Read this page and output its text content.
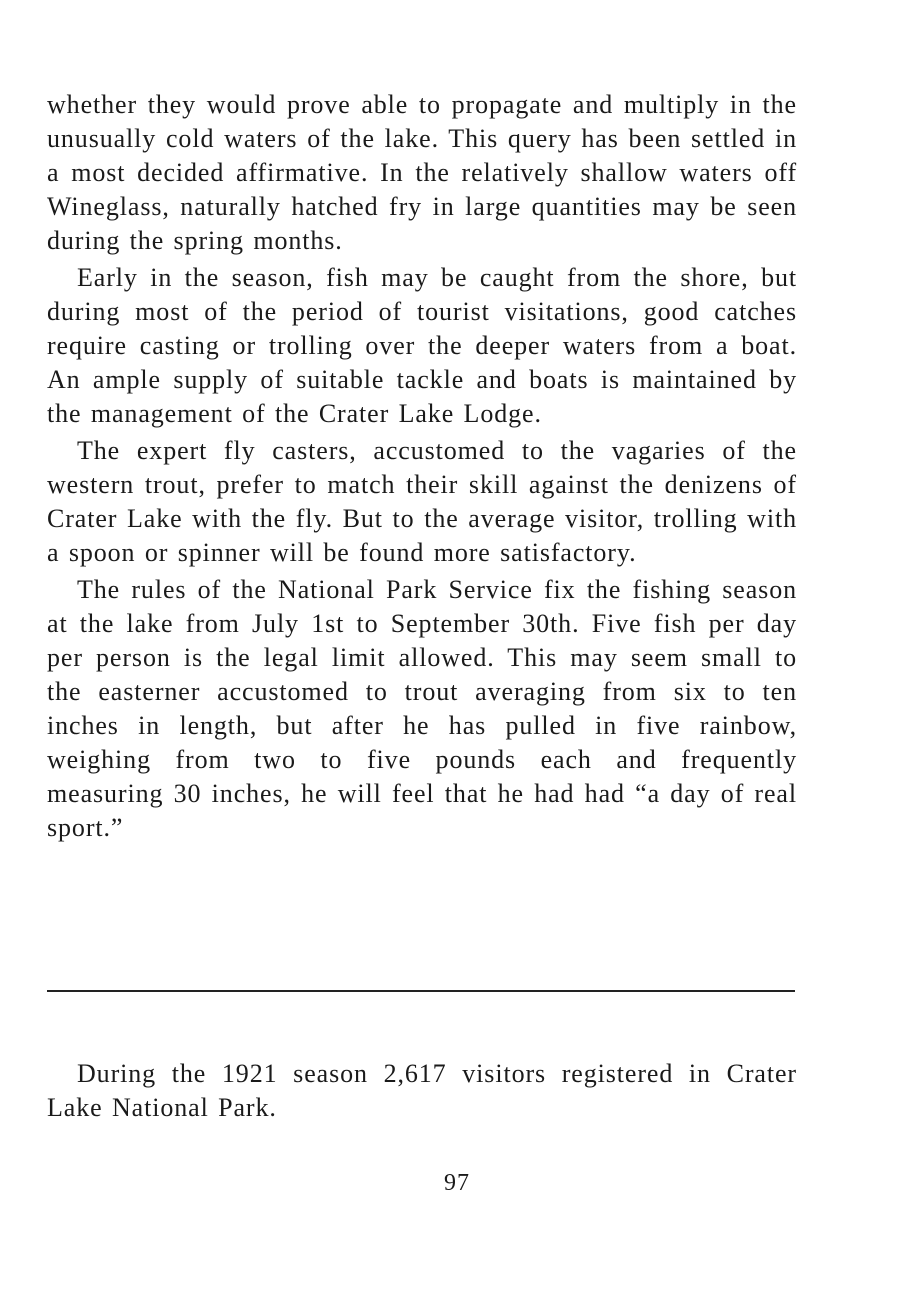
whether they would prove able to propagate and multiply in the unusually cold waters of the lake. This query has been settled in a most decided affirmative. In the relatively shallow waters off Wineglass, naturally hatched fry in large quantities may be seen during the spring months.

Early in the season, fish may be caught from the shore, but during most of the period of tourist visitations, good catches require casting or trolling over the deeper waters from a boat. An ample supply of suitable tackle and boats is maintained by the management of the Crater Lake Lodge.

The expert fly casters, accustomed to the vagaries of the western trout, prefer to match their skill against the denizens of Crater Lake with the fly. But to the average visitor, trolling with a spoon or spinner will be found more satisfactory.

The rules of the National Park Service fix the fishing season at the lake from July 1st to September 30th. Five fish per day per person is the legal limit allowed. This may seem small to the easterner accustomed to trout averaging from six to ten inches in length, but after he has pulled in five rainbow, weighing from two to five pounds each and frequently measuring 30 inches, he will feel that he had had “a day of real sport.”

During the 1921 season 2,617 visitors registered in Crater Lake National Park.

97
